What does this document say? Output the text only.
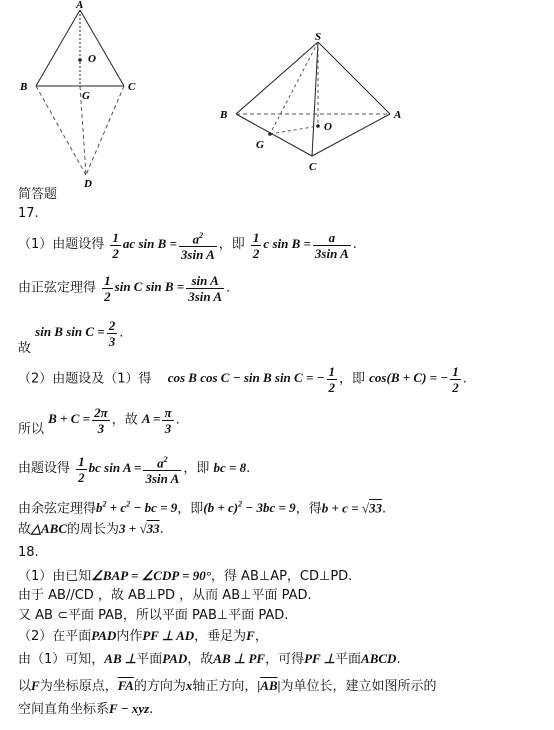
A
B	C
G
O
D
S
B	A
G
O
C
简答题
17.
（1）由题设得 $\frac{1}{2}$ ac $\sin B = \frac{a^2}{\text{3sin A}}$ ，即 $\frac{1}{2}$ c $\sin B = \frac{a}{\text{3sin A}}$ .
由正弦定理得 $\frac{1}{2}$ sin C $\sin B = \frac{\text{sin A}}{\text{3sin A}}$ .
故 sin B $\sin C = \frac{2}{3}$ .
（2）由题设及（1）得 cos B cos C − sin B sin C = − $\frac{1}{2}$ ，即 cos(B + C) = − $\frac{1}{2}$ .
所以 $B + C = \frac{2\pi}{3}$ ，故 $A = \frac{\pi}{3}$ .
由题设得 $\frac{1}{2}$ bc $\sin A = \frac{a^2}{\text{3sin A}}$ ，即 bc = 8.
由余弦定理得$b^2 + c^2$ − bc = 9，即$(b + c)^2 - 3bc = 9$，得b + c = √33.
故△ABC的周长为3 + √33.
18.
（1）由已知∠BAP = ∠CDP = 90°，得 AB⊥AP，CD⊥PD.
由于 AB//CD ，故 AB⊥PD ，从而 AB⊥平面 PAD.
又 AB ⊂平面 PAB，所以平面 PAB⊥平面 PAD.
（2）在平面PAD内作PF ⊥ AD，垂足为F，
由（1）可知，AB ⊥平面PAD，故AB ⊥ PF，可得PF ⊥平面ABCD.
以F为坐标原点，$\overline{FA}$的方向为x轴正方向，$|\overline{AB}|$为单位长，建立如图所示的
空间直角坐标系F − xyz.
